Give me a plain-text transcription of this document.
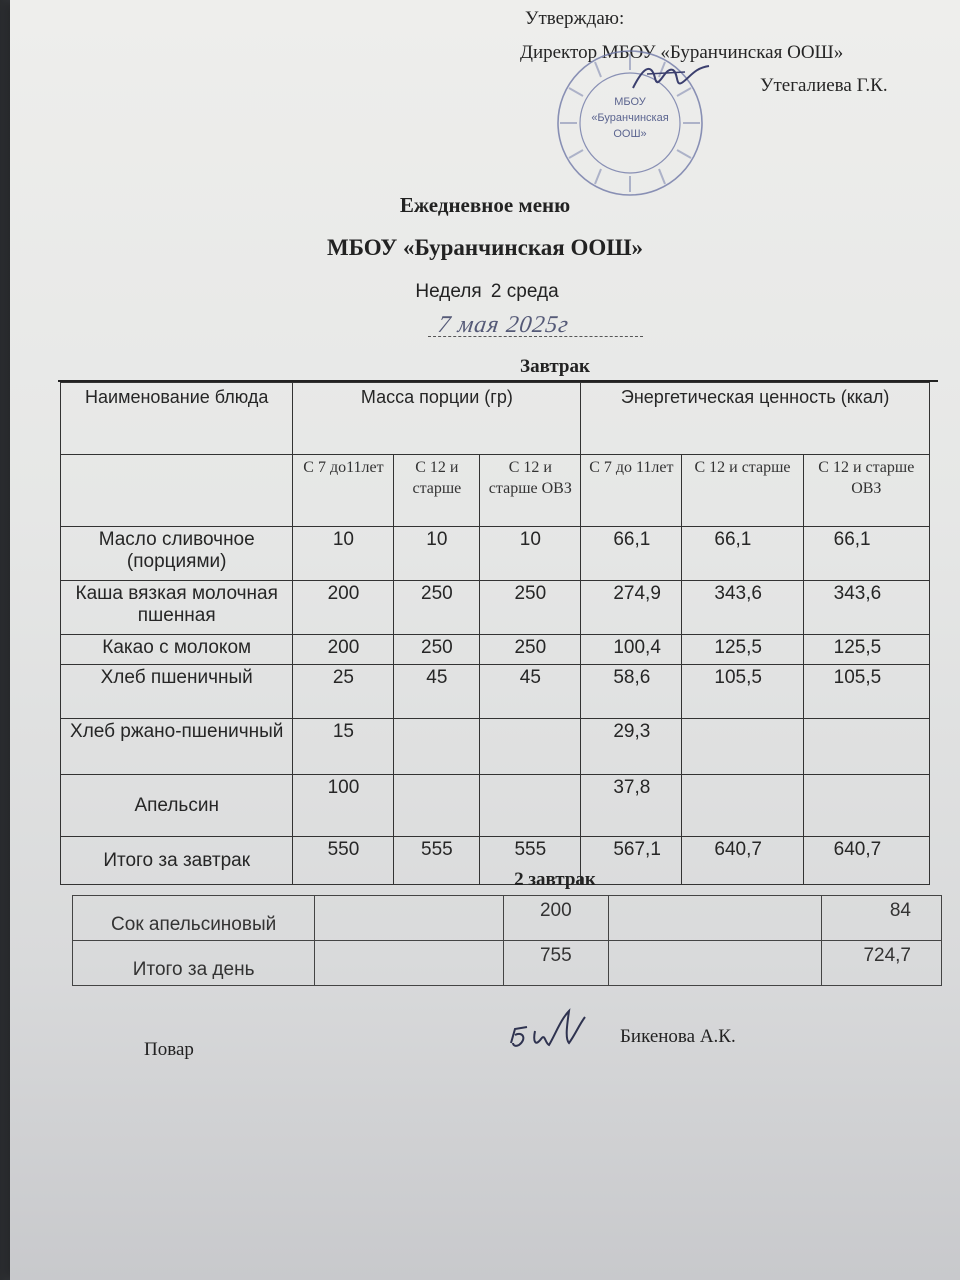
Утверждаю:
Директор МБОУ «Буранчинская ООШ»
Утегалиева Г.К.
МБОУ
«Буранчинская
ООШ»
Ежедневное меню
МБОУ «Буранчинская ООШ»
Неделя 2 среда
7 мая 2025г
Завтрак
Наименование блюда	Масса порции (гр)			Энергетическая ценность (ккал)		
	С 7 до11лет	С 12 и старше	С 12 и старше ОВЗ	С 7 до 11лет	С 12 и старше	С 12 и старше ОВЗ
Масло сливочное (порциями)	10	10	10	66,1	66,1	66,1
Каша вязкая молочная пшенная	200	250	250	274,9	343,6	343,6
Какао с молоком	200	250	250	100,4	125,5	125,5
Хлеб пшеничный	25	45	45	58,6	105,5	105,5
Хлеб ржано-пшеничный	15			29,3		
Апельсин	100			37,8		
Итого за завтрак	550	555	555	567,1	640,7	640,7
2 завтрак
Сок апельсиновый		200		84
Итого за день		755		724,7
Повар
Бикенова А.К.
